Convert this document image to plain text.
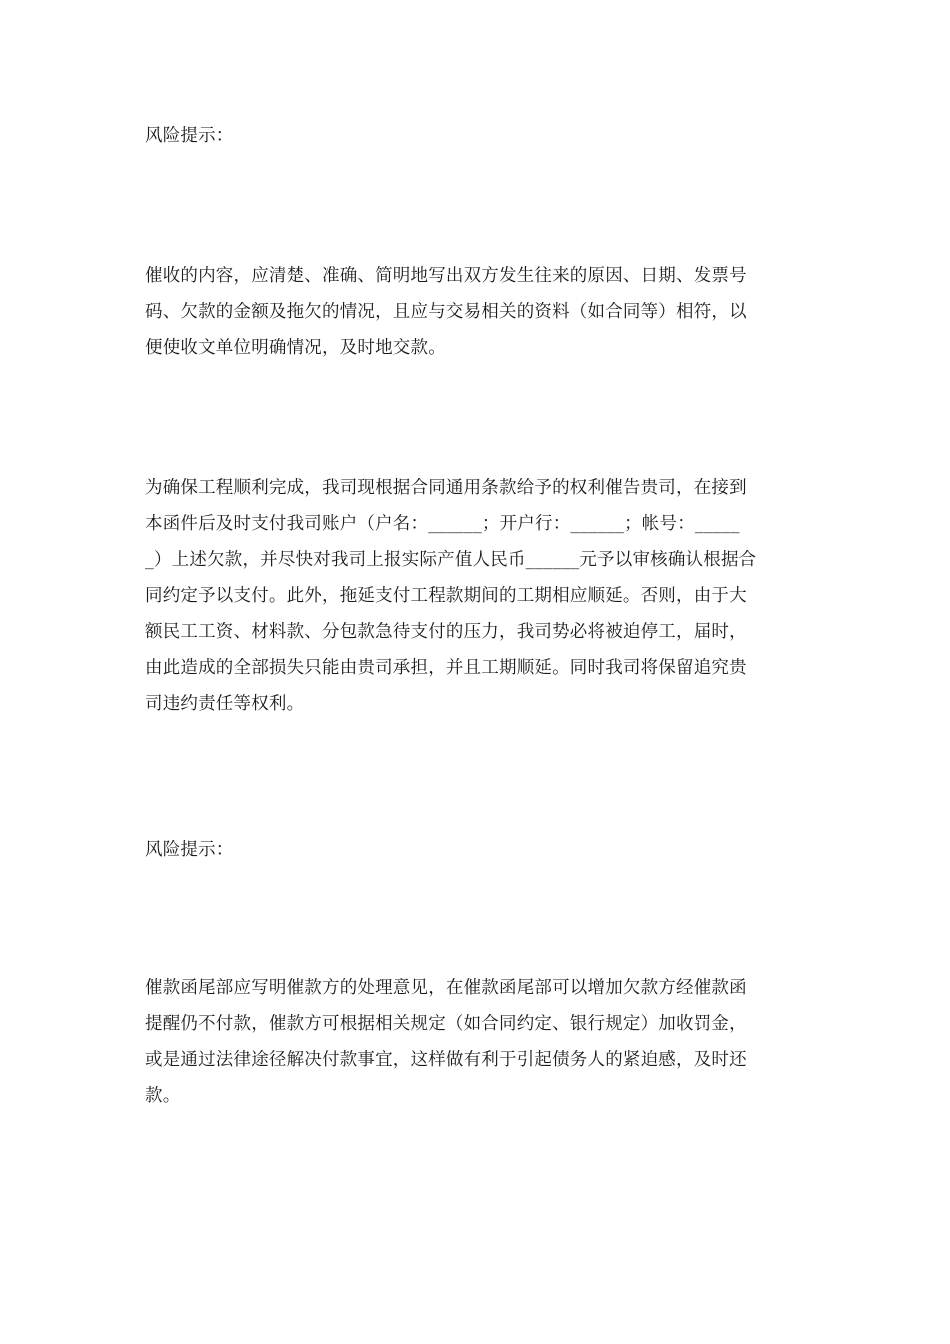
风险提示：

催收的内容，应清楚、准确、简明地写出双方发生往来的原因、日期、发票号
码、欠款的金额及拖欠的情况，且应与交易相关的资料（如合同等）相符，以
便使收文单位明确情况，及时地交款。

为确保工程顺利完成，我司现根据合同通用条款给予的权利催告贵司，在接到
本函件后及时支付我司账户（户名：______；开户行：______；帐号：_____
_）上述欠款，并尽快对我司上报实际产值人民币______元予以审核确认根据合
同约定予以支付。此外，拖延支付工程款期间的工期相应顺延。否则，由于大
额民工工资、材料款、分包款急待支付的压力，我司势必将被迫停工，届时，
由此造成的全部损失只能由贵司承担，并且工期顺延。同时我司将保留追究贵
司违约责任等权利。

风险提示：

催款函尾部应写明催款方的处理意见，在催款函尾部可以增加欠款方经催款函
提醒仍不付款，催款方可根据相关规定（如合同约定、银行规定）加收罚金，
或是通过法律途径解决付款事宜，这样做有利于引起债务人的紧迫感，及时还
款。
